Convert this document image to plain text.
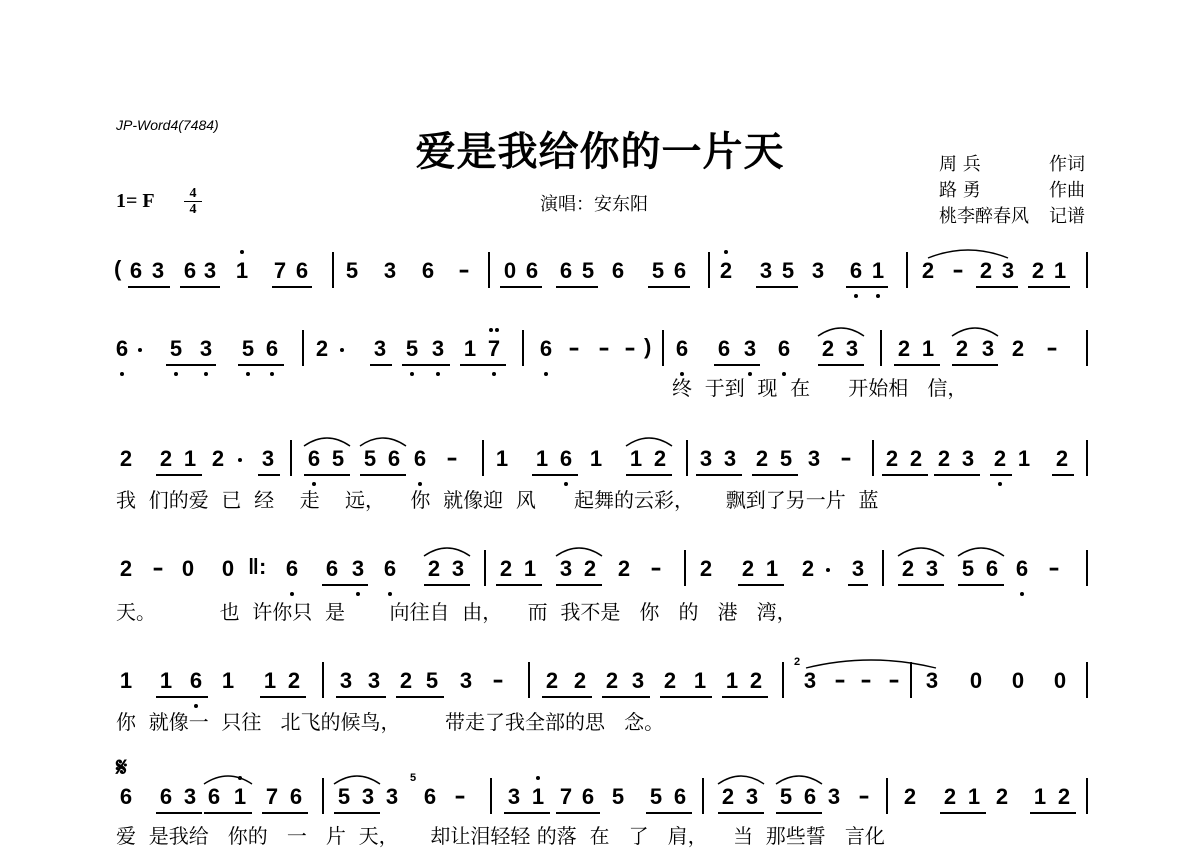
JP-Word4(7484)
爱是我给你的一片天
1= F $\frac{4}{4}$	演唱：安东阳
周 兵	作词
路 勇	作曲
桃李醉春风 记谱
( 6 3 6 3 1 7 6 5 3 6 – 0 6 6 5 6 5 6 2 3 5 3 6 1 2 – 2 3 2 1
6 5 3 5 6 2 3 5 3 1 7 6 – – – ) 6 6 3 6 2 3 2 1 2 3 2 –
2 2 1 2 3 6 5 5 6 6 – 1 1 6 1 1 2 3 3 2 5 3 – 2 2 2 3 2 1 2
2 – 0 0 ‖: 6 6 3 6 2 3 2 1 3 2 2 – 2 2 1 2 3 2 3 5 6 6 –
1 1 6 1 1 2 3 3 2 5 3 – 2 2 2 3 2 1 1 2 3 – – – 3 0 0 0
6 6 3 6 1 7 6 5 3 3 6 – 3 1 7 6 5 5 6 2 3 5 6 3 – 2 2 1 2 1 2
2
5
终  于到  现  在      开始相   信，
我  们的爱  已  经    走    远，    你  就像迎  风      起舞的云彩，     飘到了另一片  蓝
天。          也  许你只  是       向往自  由，    而  我不是   你   的   港   湾，
你  就像一  只往   北飞的候鸟，       带走了我全部的思   念。
爱  是我给   你的   一   片  天，     却让泪轻轻 的落  在   了   肩，    当  那些誓   言化
𝄋
